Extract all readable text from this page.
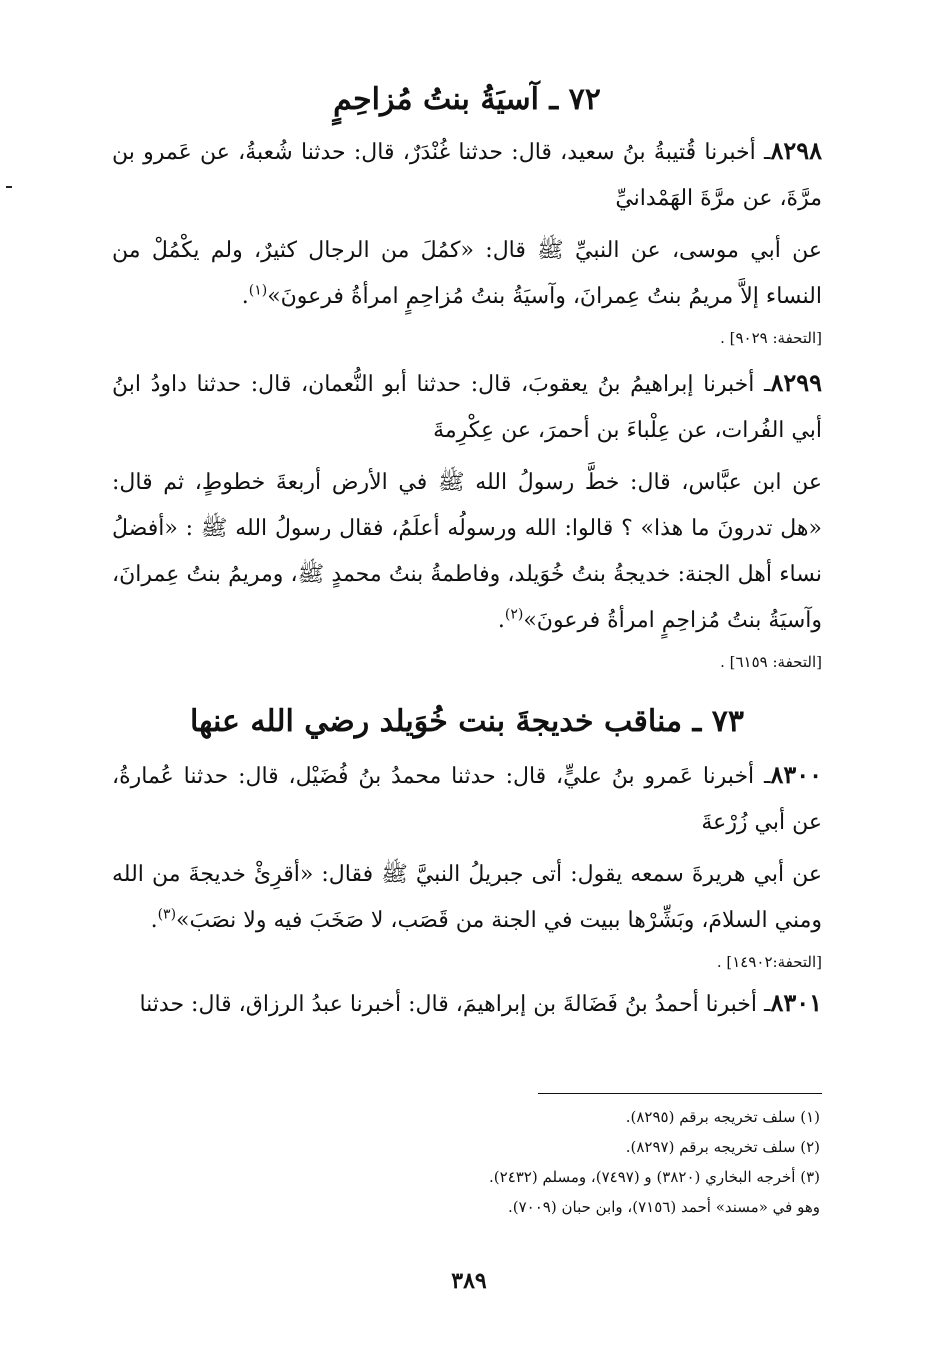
٧٢ ـ آسيَةُ بنتُ مُزاحِمٍ

٨٢٩٨ـ أخبرنا قُتيبةُ بنُ سعيد، قال: حدثنا غُنْدَرٌ، قال: حدثنا شُعبةُ، عن عَمرو بن مرَّةَ، عن مرَّةَ الهَمْدانيِّ

عن أبي موسى، عن النبيِّ ﷺ قال: «كمُلَ من الرجال كثيرٌ، ولم يكْمُلْ من النساء إلاَّ مريمُ بنتُ عِمرانَ، وآسيَةُ بنتُ مُزاحِمٍ امرأةُ فرعونَ»$^{(١)}$.

[التحفة: ٩٠٢٩] .

٨٢٩٩ـ أخبرنا إبراهيمُ بنُ يعقوبَ، قال: حدثنا أبو النُّعمان، قال: حدثنا داودُ ابنُ أبي الفُرات، عن عِلْباءَ بن أحمرَ، عن عِكْرِمةَ

عن ابن عبَّاس، قال: خطَّ رسولُ الله ﷺ في الأرض أربعةَ خطوطٍ، ثم قال: «هل تدرونَ ما هذا» ؟ قالوا: الله ورسولُه أعلَمُ، فقال رسولُ الله ﷺ : «أفضلُ نساء أهل الجنة: خديجةُ بنتُ خُوَيلد، وفاطمةُ بنتُ محمدٍ ﷺ، ومريمُ بنتُ عِمرانَ، وآسيَةُ بنتُ مُزاحِمٍ امرأةُ فرعونَ»$^{(٢)}$.

[التحفة: ٦١٥٩] .

٧٣ ـ مناقب خديجةَ بنت خُوَيلد رضي الله عنها

٨٣٠٠ـ أخبرنا عَمرو بنُ عليٍّ، قال: حدثنا محمدُ بنُ فُضَيْل، قال: حدثنا عُمارةُ، عن أبي زُرْعةَ

عن أبي هريرةَ سمعه يقول: أتى جبريلُ النبيَّ ﷺ فقال: «أقرِئْ خديجةَ من الله ومني السلامَ، وبَشِّرْها ببيت في الجنة من قَصَب، لا صَخَبَ فيه ولا نصَبَ»$^{(٣)}$.

[التحفة:١٤٩٠٢] .

٨٣٠١ـ أخبرنا أحمدُ بنُ فَضَالةَ بن إبراهيمَ، قال: أخبرنا عبدُ الرزاق، قال: حدثنا

(١) سلف تخريجه برقم (٨٢٩٥).

(٢) سلف تخريجه برقم (٨٢٩٧).

(٣) أخرجه البخاري (٣٨٢٠) و (٧٤٩٧)، ومسلم (٢٤٣٢).

وهو في «مسند» أحمد (٧١٥٦)، وابن حبان (٧٠٠٩).

٣٨٩
